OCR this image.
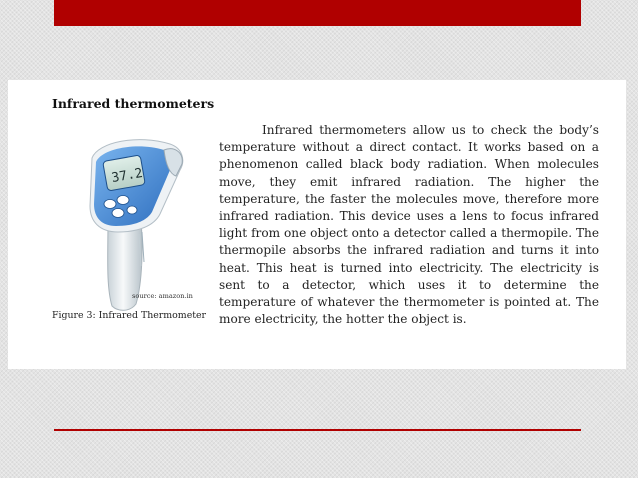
Infrared thermometers
37.2

source: amazon.in

Figure 3: Infrared Thermometer

Infrared thermometers allow us to check the body’s temperature without a direct contact. It works based on a phenomenon called black body radiation. When molecules move, they emit infrared radiation. The higher the temperature, the faster the molecules move, therefore more infrared radiation. This device uses a lens to focus infrared light from one object onto a detector called a thermopile. The thermopile absorbs the infrared radiation and turns it into heat. This heat is turned into electricity. The electricity is sent to a detector, which uses it to determine the temperature of whatever the thermometer is pointed at. The more electricity, the hotter the object is.
